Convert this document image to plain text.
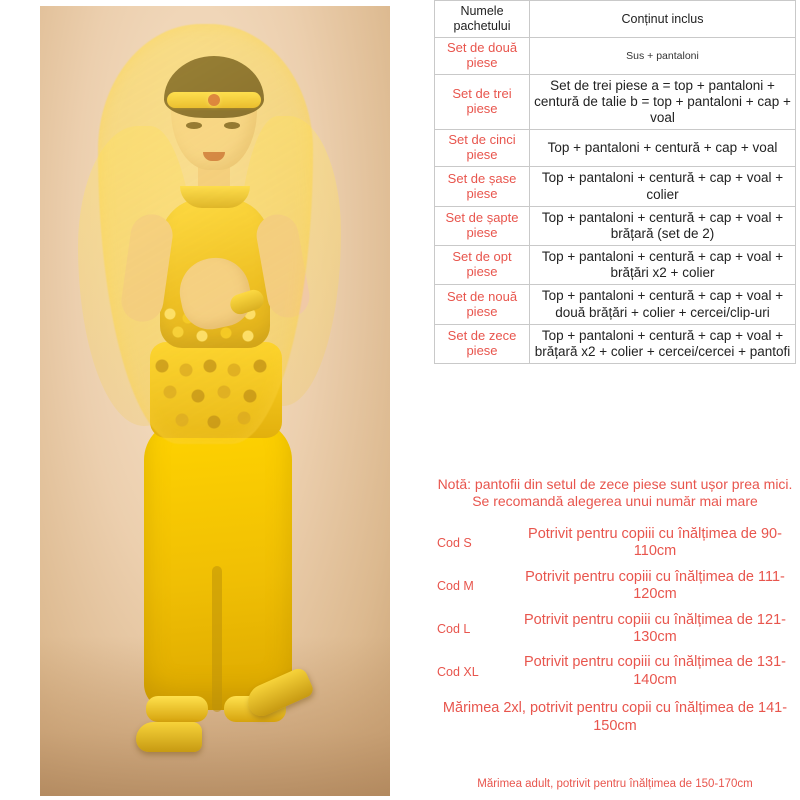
Numele pachetului	Conținut inclus
Set de două piese	Sus + pantaloni
Set de trei piese	Set de trei piese a = top + pantaloni + centură de talie b = top + pantaloni + cap + voal
Set de cinci piese	Top + pantaloni + centură + cap + voal
Set de șase piese	Top + pantaloni + centură + cap + voal + colier
Set de șapte piese	Top + pantaloni + centură + cap + voal + brățară (set de 2)
Set de opt piese	Top + pantaloni + centură + cap + voal + brățări x2 + colier
Set de nouă piese	Top + pantaloni + centură + cap + voal + două brățări + colier + cercei/clip-uri
Set de zece piese	Top + pantaloni + centură + cap + voal + brățară x2 + colier + cercei/cercei + pantofi
Notă: pantofii din setul de zece piese sunt ușor prea mici. Se recomandă alegerea unui număr mai mare
Cod S	Potrivit pentru copiii cu înălțimea de 90-110cm
Cod M	Potrivit pentru copiii cu înălțimea de 111-120cm
Cod L	Potrivit pentru copiii cu înălțimea de 121-130cm
Cod XL	Potrivit pentru copiii cu înălțimea de 131-140cm
Mărimea 2xl, potrivit pentru copii cu înălțimea de 141-150cm
Mărimea adult, potrivit pentru înălțimea de 150-170cm
